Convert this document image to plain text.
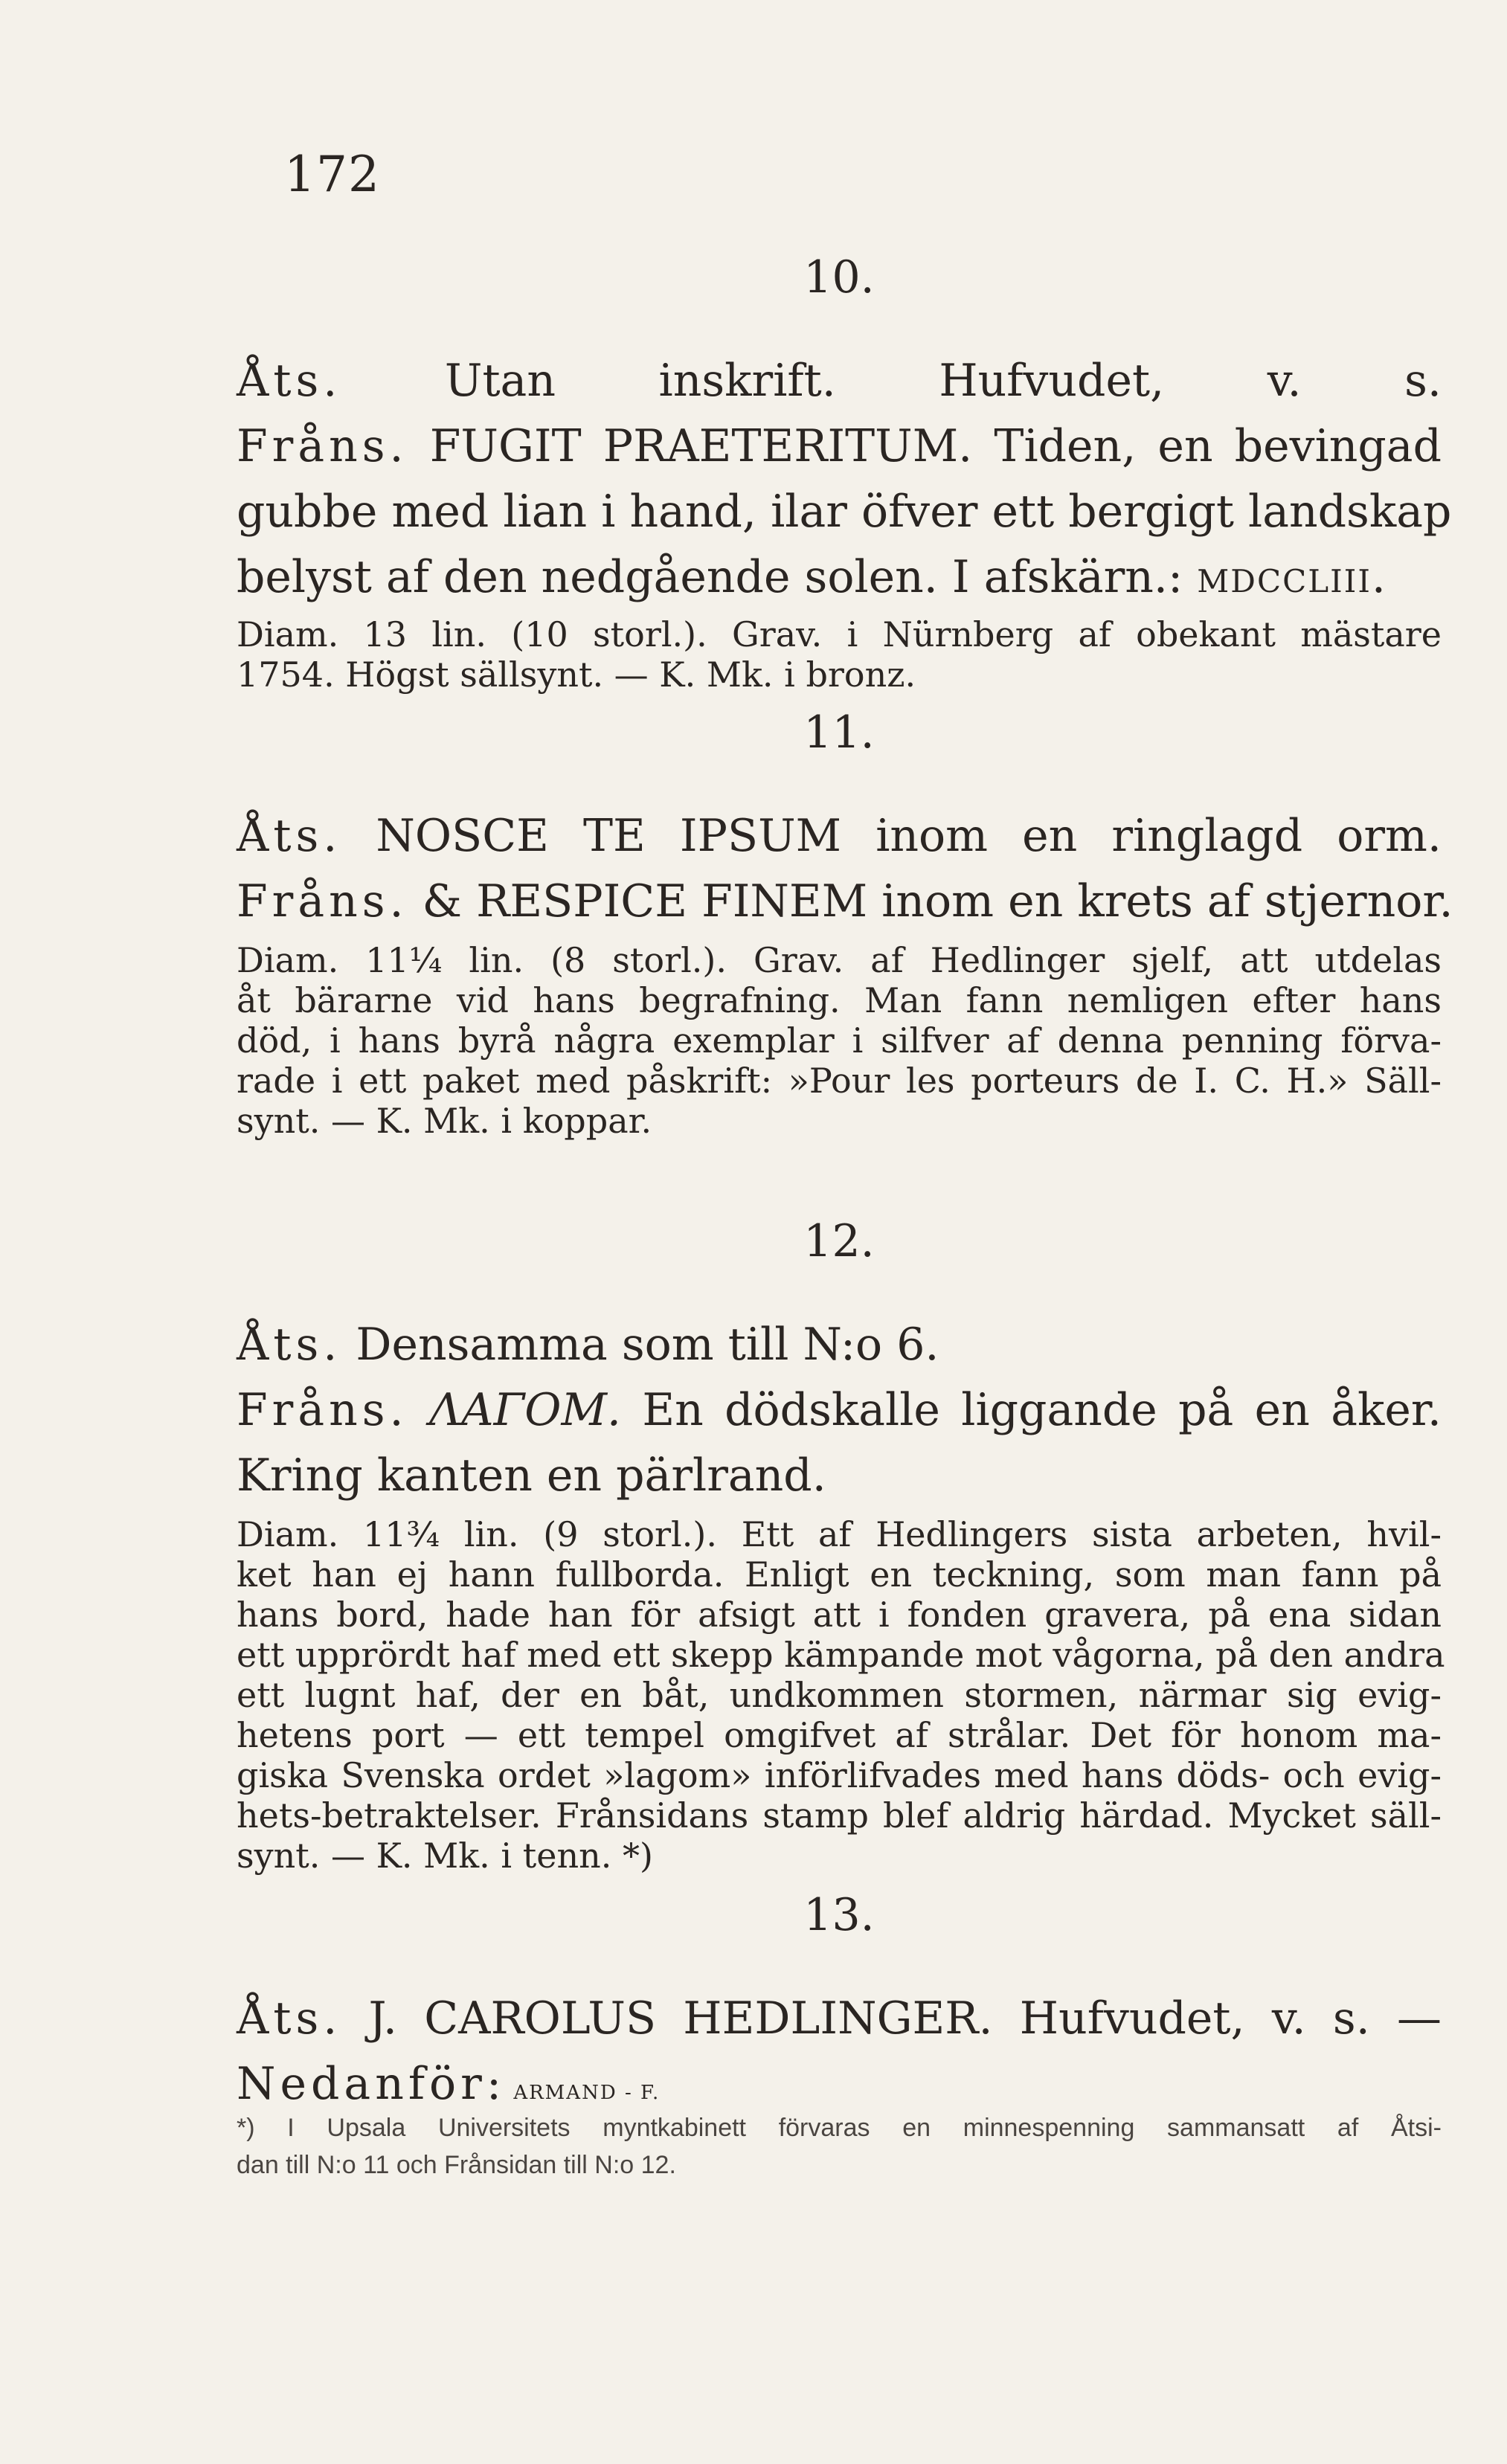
172
10.
Åts. Utan inskrift. Hufvudet, v. s.
Fråns. FUGIT PRAETERITUM. Tiden, en bevingad
gubbe med lian i hand, ilar öfver ett bergigt landskap
belyst af den nedgående solen. I afskärn.: mdccliii.
Diam. 13 lin. (10 storl.). Grav. i Nürnberg af obekant mästare
1754. Högst sällsynt. — K. Mk. i bronz.
11.
Åts. NOSCE TE IPSUM inom en ringlagd orm.
Fråns. & RESPICE FINEM inom en krets af stjernor.
Diam. 11¼ lin. (8 storl.). Grav. af Hedlinger sjelf, att utdelas
åt bärarne vid hans begrafning. Man fann nemligen efter hans
död, i hans byrå några exemplar i silfver af denna penning förva-
rade i ett paket med påskrift: »Pour les porteurs de I. C. H.» Säll-
synt. — K. Mk. i koppar.
12.
Åts. Densamma som till N:o 6.
Fråns. ΛΑΓΟΜ. En dödskalle liggande på en åker.
Kring kanten en pärlrand.
Diam. 11¾ lin. (9 storl.). Ett af Hedlingers sista arbeten, hvil-
ket han ej hann fullborda. Enligt en teckning, som man fann på
hans bord, hade han för afsigt att i fonden gravera, på ena sidan
ett upprördt haf med ett skepp kämpande mot vågorna, på den andra
ett lugnt haf, der en båt, undkommen stormen, närmar sig evig-
hetens port — ett tempel omgifvet af strålar. Det för honom ma-
giska Svenska ordet »lagom» införlifvades med hans döds- och evig-
hets-betraktelser. Frånsidans stamp blef aldrig härdad. Mycket säll-
synt. — K. Mk. i tenn. *)
13.
Åts. J. CAROLUS HEDLINGER. Hufvudet, v. s. —
Nedanför: ARMAND - F.
*) I Upsala Universitets myntkabinett förvaras en minnespenning sammansatt af Åtsi-
dan till N:o 11 och Frånsidan till N:o 12.
